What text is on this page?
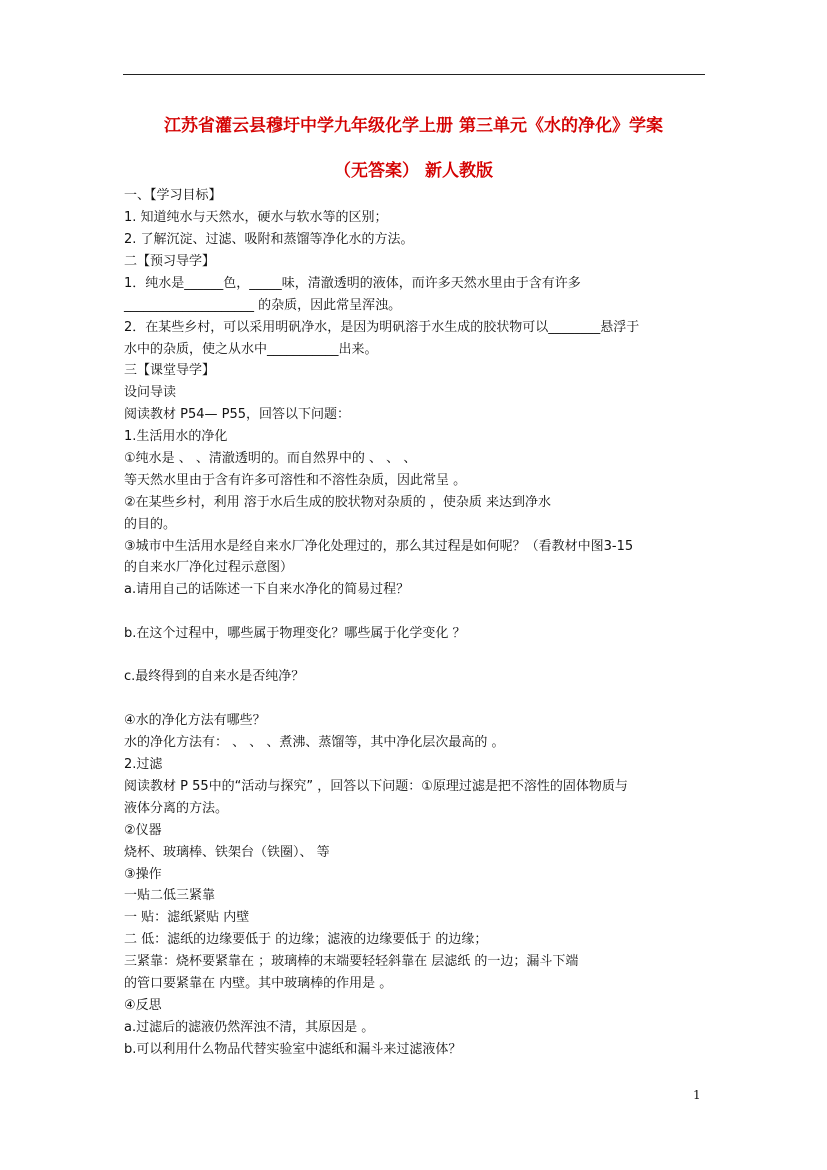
江苏省灌云县穆圩中学九年级化学上册 第三单元《水的净化》学案
（无答案） 新人教版
一、【学习目标】
1. 知道纯水与天然水，硬水与软水等的区别；
2. 了解沉淀、过滤、吸附和蒸馏等净化水的方法。
二【预习导学】
1．纯水是______色，_____味，清澈透明的液体，而许多天然水里由于含有许多
____________________ 的杂质，因此常呈浑浊。
2．在某些乡村，可以采用明矾净水，是因为明矾溶于水生成的胶状物可以________悬浮于
水中的杂质，使之从水中___________出来。
三【课堂导学】
设问导读
阅读教材 P54— P55，回答以下问题：
1.生活用水的净化
①纯水是 、 、清澈透明的。而自然界中的 、 、 、
等天然水里由于含有许多可溶性和不溶性杂质，因此常呈 。
②在某些乡村，利用 溶于水后生成的胶状物对杂质的 ，使杂质 来达到净水
的目的。
③城市中生活用水是经自来水厂净化处理过的，那么其过程是如何呢？（看教材中图3-15
的自来水厂净化过程示意图）
a.请用自己的话陈述一下自来水净化的简易过程？
b.在这个过程中，哪些属于物理变化？哪些属于化学变化 ？
c.最终得到的自来水是否纯净？
④水的净化方法有哪些？
水的净化方法有： 、 、 、煮沸、蒸馏等，其中净化层次最高的 。
2.过滤
阅读教材 P 55中的“活动与探究” ，回答以下问题：①原理过滤是把不溶性的固体物质与
液体分离的方法。
②仪器
烧杯、玻璃棒、铁架台（铁圈）、 等
③操作
一贴二低三紧靠
一 贴：滤纸紧贴 内壁
二 低：滤纸的边缘要低于 的边缘；滤液的边缘要低于 的边缘；
三紧靠：烧杯要紧靠在 ；玻璃棒的末端要轻轻斜靠在 层滤纸 的一边；漏斗下端
的管口要紧靠在 内壁。其中玻璃棒的作用是 。
④反思
a.过滤后的滤液仍然浑浊不清，其原因是 。
b.可以利用什么物品代替实验室中滤纸和漏斗来过滤液体？
1
